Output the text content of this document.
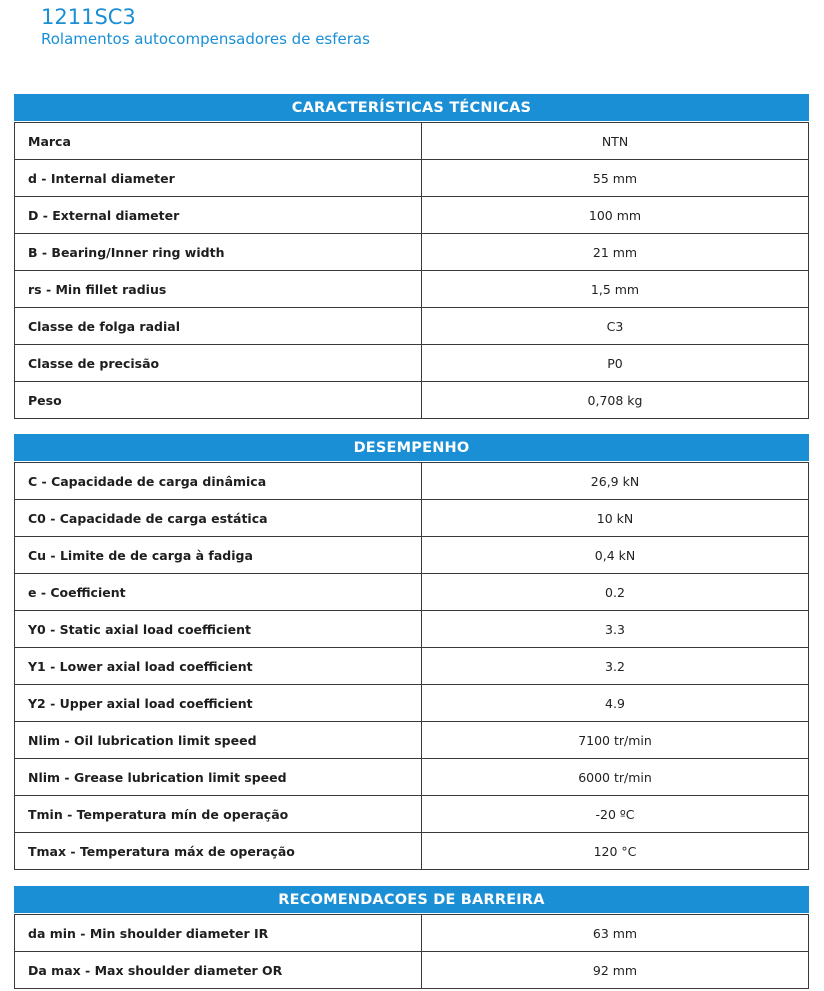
1211SC3
Rolamentos autocompensadores de esferas
CARACTERÍSTICAS TÉCNICAS
Marca	NTN
d - Internal diameter	55 mm
D - External diameter	100 mm
B - Bearing/Inner ring width	21 mm
rs - Min fillet radius	1,5 mm
Classe de folga radial	C3
Classe de precisão	P0
Peso	0,708 kg
DESEMPENHO
C - Capacidade de carga dinâmica	26,9 kN
C0 - Capacidade de carga estática	10 kN
Cu - Limite de de carga à fadiga	0,4 kN
e - Coefficient	0.2
Y0 - Static axial load coefficient	3.3
Y1 - Lower axial load coefficient	3.2
Y2 - Upper axial load coefficient	4.9
Nlim - Oil lubrication limit speed	7100 tr/min
Nlim - Grease lubrication limit speed	6000 tr/min
Tmin - Temperatura mín de operação	-20 ºC
Tmax - Temperatura máx de operação	120 °C
RECOMENDACOES DE BARREIRA
da min - Min shoulder diameter IR	63 mm
Da max - Max shoulder diameter OR	92 mm
